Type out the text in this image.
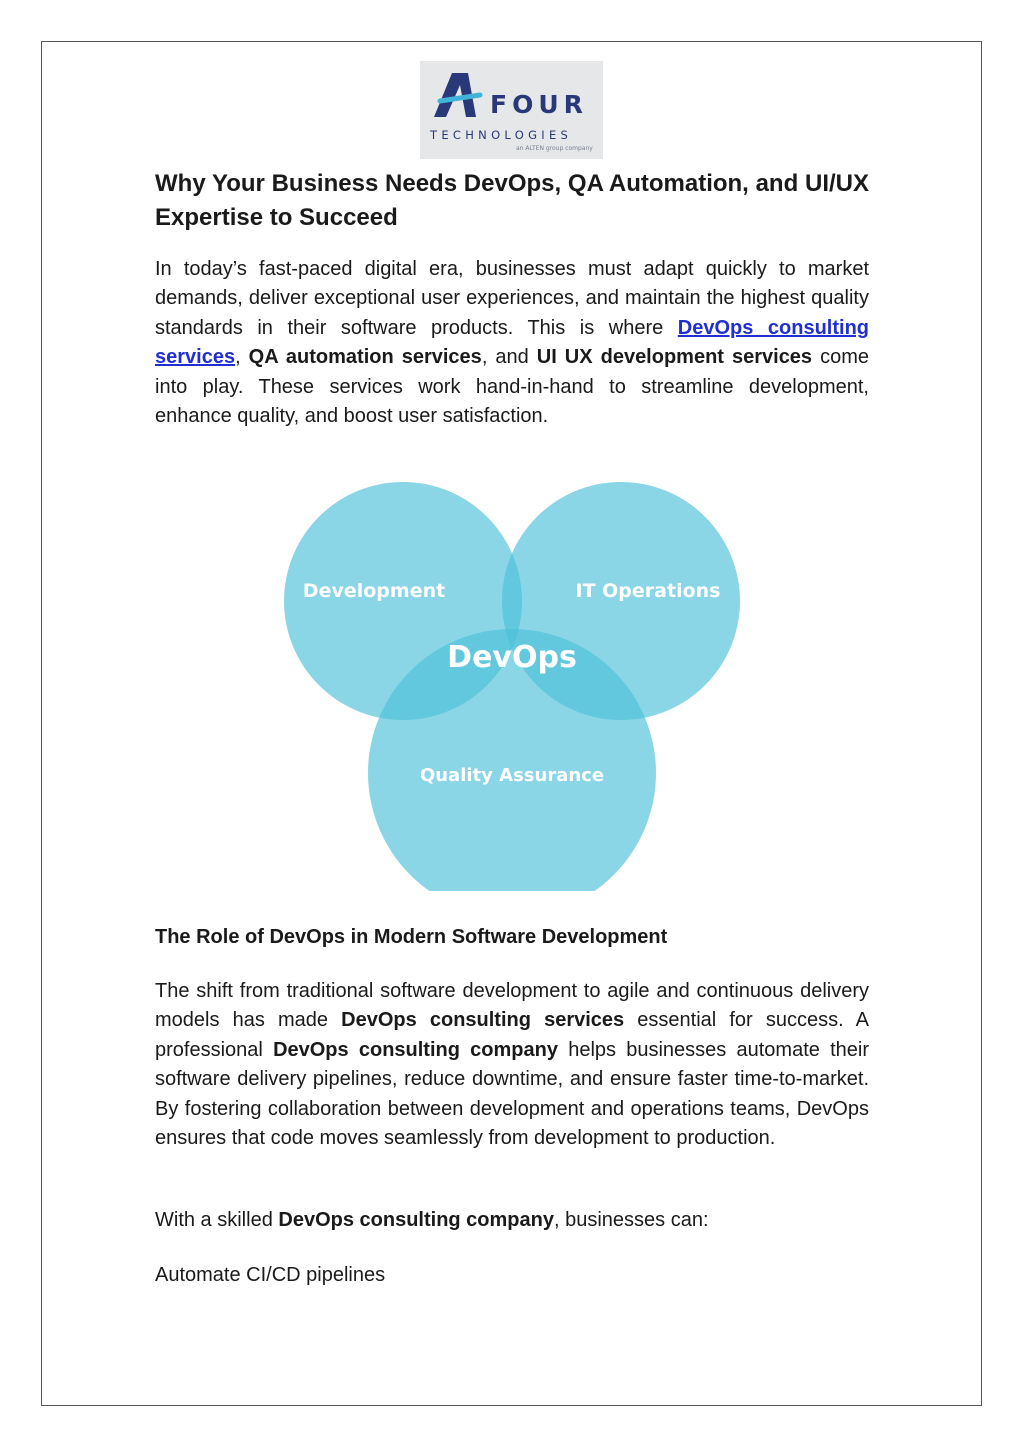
FOUR
TECHNOLOGIES
an ALTEN group company
Why Your Business Needs DevOps, QA Automation, and UI/UX Expertise to Succeed

In today’s fast-paced digital era, businesses must adapt quickly to market demands, deliver exceptional user experiences, and maintain the highest quality standards in their software products. This is where DevOps consulting services, QA automation services, and UI UX development services come into play. These services work hand-in-hand to streamline development, enhance quality, and boost user satisfaction.

Development	IT Operations
DevOps
Quality Assurance
The Role of DevOps in Modern Software Development

The shift from traditional software development to agile and continuous delivery models has made DevOps consulting services essential for success. A professional DevOps consulting company helps businesses automate their software delivery pipelines, reduce downtime, and ensure faster time-to-market. By fostering collaboration between development and operations teams, DevOps ensures that code moves seamlessly from development to production.

With a skilled DevOps consulting company, businesses can:

Automate CI/CD pipelines
